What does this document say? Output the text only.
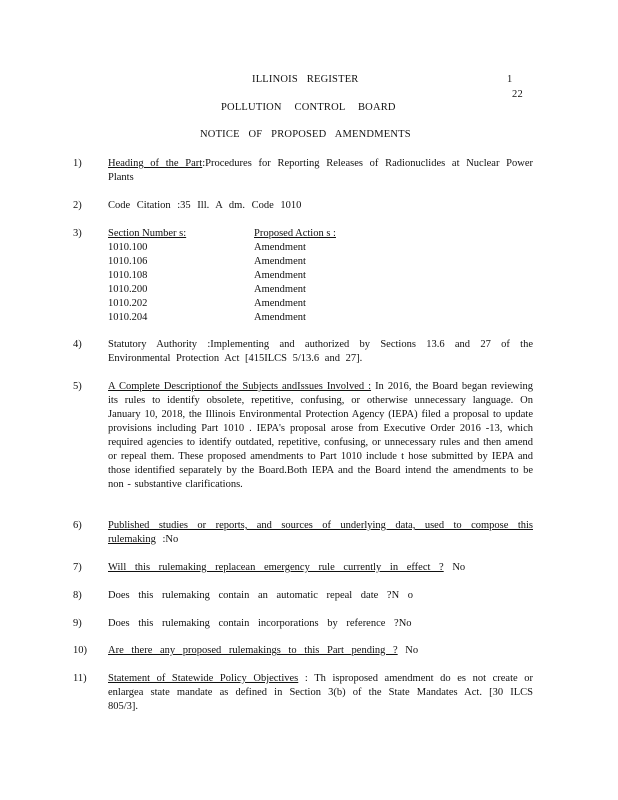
ILLINOIS REGISTER	1
22
POLLUTION CONTROL BOARD
NOTICE OF PROPOSED AMENDMENTS
1)	Heading of the Part:Procedures for Reporting Releases of Radionuclides at Nuclear Power Plants
2)	Code Citation :35 Ill. A dm. Code 1010
3)	Section Number s:	Proposed Action s :
1010.100	Amendment
1010.106	Amendment
1010.108	Amendment
1010.200	Amendment
1010.202	Amendment
1010.204	Amendment
4)	Statutory Authority :Implementing and authorized by Sections 13.6 and 27 of the Environmental Protection Act [415ILCS 5/13.6 and 27].
5)	A Complete Descriptionof the Subjects andIssues Involved : In 2016, the Board began reviewing its rules to identify obsolete, repetitive, confusing, or otherwise unnecessary language. On January 10, 2018, the Illinois Environmental Protection Agency (IEPA) filed a proposal to update provisions including Part 1010 . IEPA's proposal arose from Executive Order 2016 -13, which required agencies to identify outdated, repetitive, confusing, or unnecessary rules and then amend or repeal them. These proposed amendments to Part 1010 include t hose submitted by IEPA and those identified separately by the Board.Both IEPA and the Board intend the amendments to be non - substantive clarifications.
6)	Published studies or reports, and sources of underlying data, used to compose this rulemaking :No
7)	Will this rulemaking replacean emergency rule currently in effect ? No
8)	Does this rulemaking contain an automatic repeal date ?N o
9)	Does this rulemaking contain incorporations by reference ?No
10)	Are there any proposed rulemakings to this Part pending ? No
11)	Statement of Statewide Policy Objectives : Th isproposed amendment do es not create or enlargea state mandate as defined in Section 3(b) of the State Mandates Act. [30 ILCS 805/3].
